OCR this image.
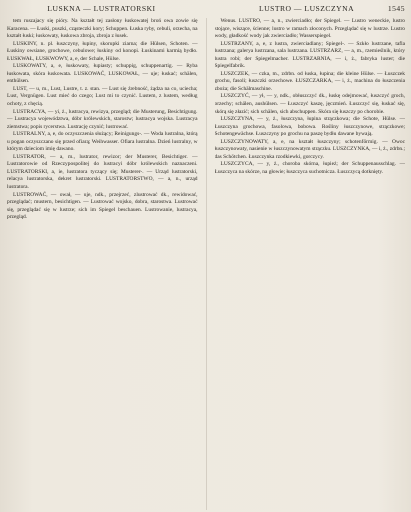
LUSKNA — LUSTRATORSKI	LUSTRO — LUSZCZYNA	1545

tem ruszajacy się pióry. Na kształt tej zasłony łuskowatej broń owa zowie się Karacena. — Łuski, puszki, cząsteczki kory; Schuppen. Łuska ryby, cebuli, orzecha, na kształt łuski; łuskowaty, łuskowa zbroja, zbroja z łusek.

LUSKINY, n. pl. łuszczyny, łupiny, skorupki ziarna; die Hülsen, Schoten. — Łuskiny owsiane, grochowe, cebulowe; łuskiny od konopi. Łuskinami karmią bydło. ŁUSKWAŁ, ŁUSKWOWY, a, e, der Schale, Hülse.

LUSKOWATY, a, e, łuskowaty, łupiasty; schuppig, schuppenartig. — Ryba łuskowata, skóra łuskowata. LUSKOWAĆ, LUSKOWAŁ, — uje; łuskać; schälen, enthülsen.

LUST, — u, m., Lust, Lustre, t. z. stan. — Lust się źrebność, żądza na co, uciecha; Lust, Vergnügen. Lust mieć do czego; Lust mi to czynić. Lustem, z lustem, według ochoty, z chęcią.

LUSTRACYA, — yi, ż., lustracya, rewizya, przegląd; die Musterung, Besichtigung. — Lustracya województwa, dóbr królewskich, starostw; lustracya wojska. Lustracya ziemstwa; popis rycerstwa. Lustrację czynić; lustrować.

LUSTRALNY, a, e, do oczyszczenia służący; Reinigungs-. — Woda lustralna, którą u pogan oczyszczano się przed ofiarą; Weihwasser. Ofiara lustralna. Dzień lustralny, w którym dzieciom imię dawano.

LUSTRATOR, — a, m., lustrator, rewizor; der Musterer, Besichtiger. — Lustratorowie od Rzeczypospolitej do lustracyi dóbr królewskich naznaczeni. LUSTRATORSKI, a, ie, lustratora tyczący się; Musterer-. — Urząd lustratorski, relacya lustratorska, dekret lustratorski. LUSTRATORSTWO, — a, n., urząd lustratora.

LUSTROWAĆ, — ował, — uje, ndk., przejrzeć, zlustrować dk., rewidować, przeglądać; mustern, besichtigen. — Lustrować wojsko, dobra, starostwa. Lustrować się, przeglądać się w lustrze; sich im Spiegel beschauen. Lustrowanie, lustracya, przegląd.

Wenus. LUSTRO, — a, n., zwierciadło; der Spiegel. — Lustro weneckie, lustro stojące, wiszące, ścienne; lustro w ramach złoconych. Przeglądać się w lustrze. Lustro wody, gładkość wody jak zwierciadło; Wasserspiegel.

LUSTRZANY, a, e, z lustra, zwierciadlany; Spiegel-. — Szkło lustrzane, tafla lustrzana; galerya lustrzana, sala lustrzana. LUSTRZARZ, — a, m., rzemieślnik, który lustra robi; der Spiegelmacher. LUSTRZARNIA, — i, ż., fabryka luster; die Spiegelfabrik.

LUSZCZEK, — czka, m., zdrbn. od łuska, łupina; die kleine Hülse. — Łuszczek grochu, fasoli; łuszczki orzechowe. ŁUSZCZARKA, — i, ż., machina do łuszczenia zboża; die Schälmaschine.

LUSZCZYĆ, — ył, — y, ndk., obłuszczyć dk., łuskę odejmować, łuszczyć groch, orzechy; schälen, aushülsen. — Łuszczyć kaszę, jęczmień. Łuszczyć się, łuskać się, skórą się złazić; sich schälen, sich abschuppen. Skóra się łuszczy po chorobie.

LUSZCZYNA, — y, ż., łuszczyna, łupina strączkowa; die Schote, Hülse. — Łuszczyna grochowa, fasolowa, bobowa. Rośliny łuszczynowe, strączkowe; Schotengewächse. Łuszczyny po grochu na paszę bydłu dawane bywają.

LUSZCZYNOWATY, a, e, na kształt łuszczyny; schotenförmig. — Owoc łuszczynowaty, nasienie w łuszczynowatym strączku. LUSZCZYNKA, — i, ż., zdrbn.; das Schötchen. Łuszczynka rzodkiewki, gorczycy.

LUSZCZYCA, — y, ż., choroba skórna, łupież; der Schuppenausschlag. — Łuszczyca na skórze, na głowie; łuszczyca suchotnicza. Łuszczycą dotknięty.
